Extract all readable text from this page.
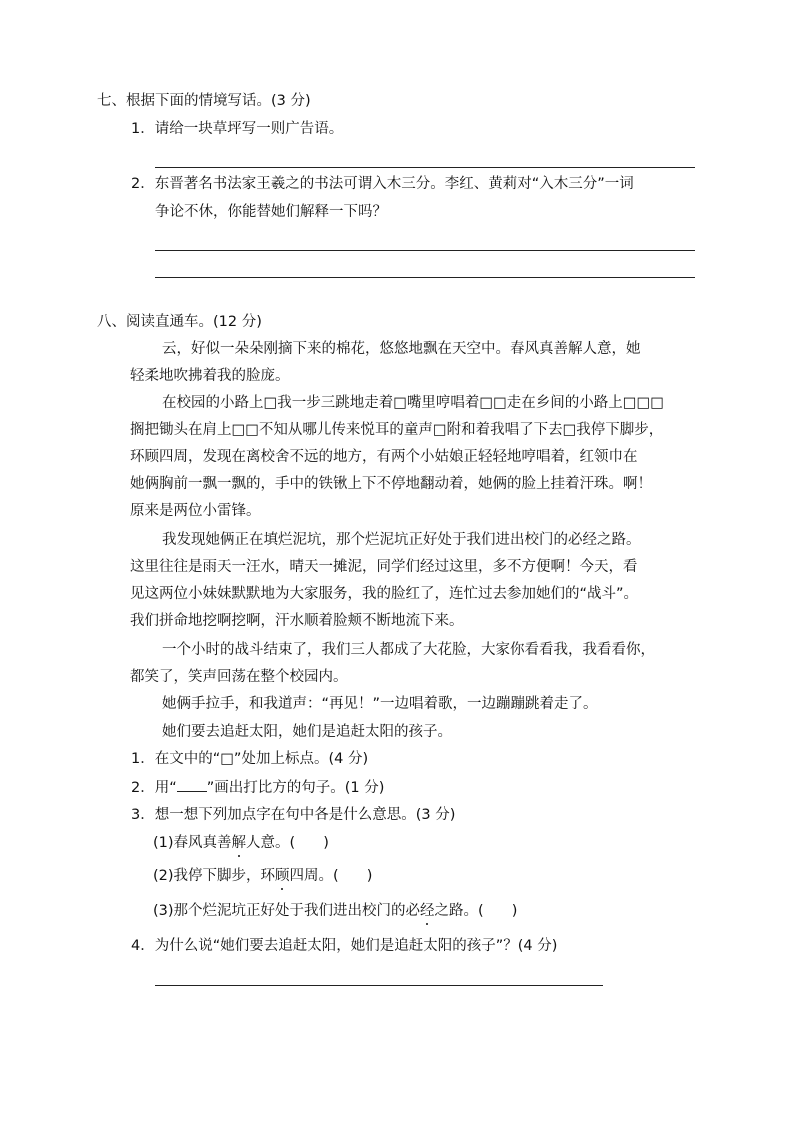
七、根据下面的情境写话。(3 分)
1．请给一块草坪写一则广告语。
2．东晋著名书法家王羲之的书法可谓入木三分。李红、黄莉对“入木三分”一词
争论不休，你能替她们解释一下吗？
八、阅读直通车。(12 分)
云，好似一朵朵刚摘下来的棉花，悠悠地飘在天空中。春风真善解人意，她
轻柔地吹拂着我的脸庞。
在校园的小路上□我一步三跳地走着□嘴里哼唱着□□走在乡间的小路上□□□
搁把锄头在肩上□□不知从哪儿传来悦耳的童声□附和着我唱了下去□我停下脚步，
环顾四周，发现在离校舍不远的地方，有两个小姑娘正轻轻地哼唱着，红领巾在
她俩胸前一飘一飘的，手中的铁锹上下不停地翻动着，她俩的脸上挂着汗珠。啊！
原来是两位小雷锋。
我发现她俩正在填烂泥坑，那个烂泥坑正好处于我们进出校门的必经之路。
这里往往是雨天一汪水，晴天一摊泥，同学们经过这里，多不方便啊！今天，看
见这两位小妹妹默默地为大家服务，我的脸红了，连忙过去参加她们的“战斗”。
我们拼命地挖啊挖啊，汗水顺着脸颊不断地流下来。
一个小时的战斗结束了，我们三人都成了大花脸，大家你看看我，我看看你，
都笑了，笑声回荡在整个校园内。
她俩手拉手，和我道声：“再见！”一边唱着歌，一边蹦蹦跳着走了。
她们要去追赶太阳，她们是追赶太阳的孩子。
1．在文中的“□”处加上标点。(4 分)
2．用“ ”画出打比方的句子。(1 分)
3．想一想下列加点字在句中各是什么意思。(3 分)
(1)春风真善解人意。( )
(2)我停下脚步，环顾四周。( )
(3)那个烂泥坑正好处于我们进出校门的必经之路。( )
4．为什么说“她们要去追赶太阳，她们是追赶太阳的孩子”？(4 分)
